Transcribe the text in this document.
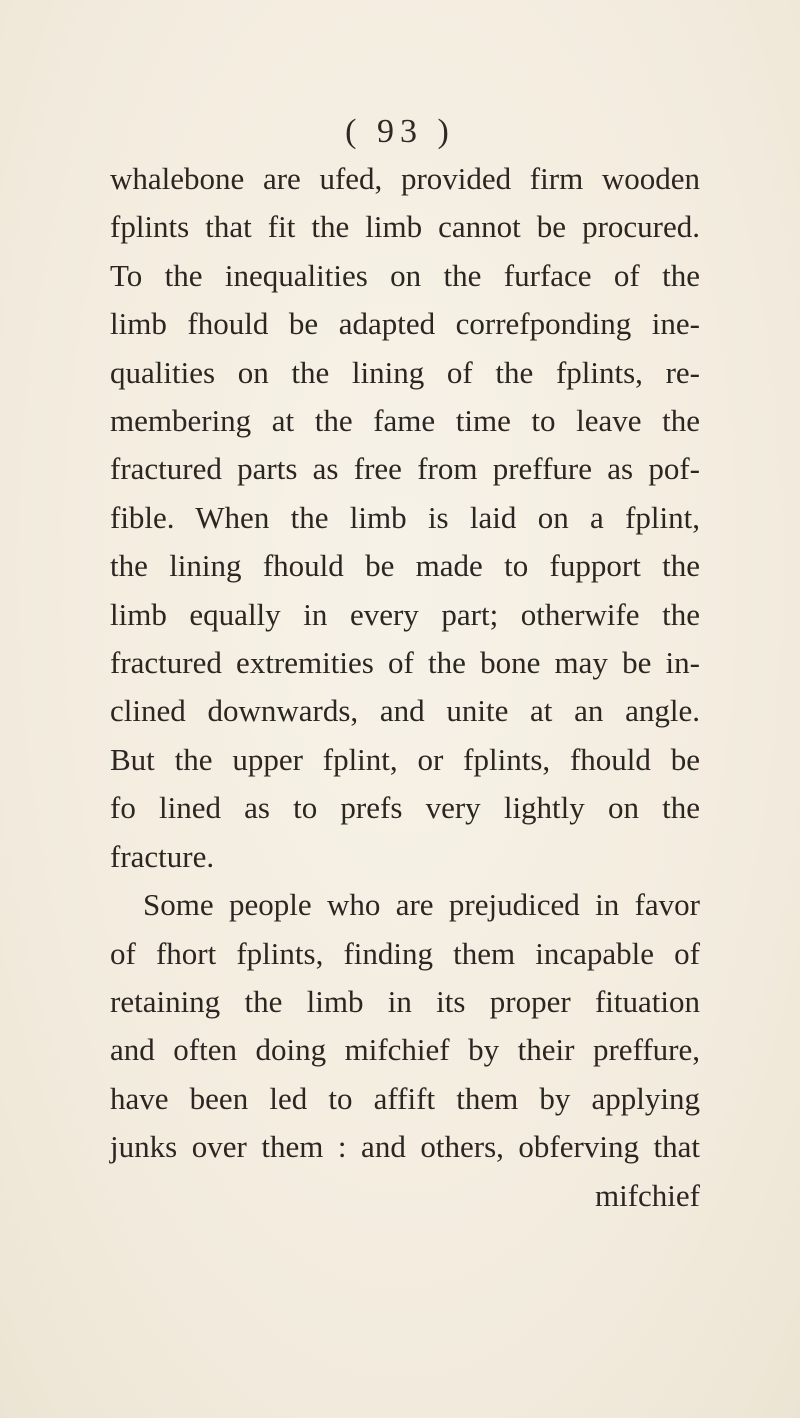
( 93 )
whalebone are ufed, provided firm wooden
fplints that fit the limb cannot be procured.
To the inequalities on the furface of the
limb fhould be adapted correfponding ine-
qualities on the lining of the fplints, re-
membering at the fame time to leave the
fractured parts as free from preffure as pof-
fible. When the limb is laid on a fplint,
the lining fhould be made to fupport the
limb equally in every part; otherwife the
fractured extremities of the bone may be in-
clined downwards, and unite at an angle.
But the upper fplint, or fplints, fhould be
fo lined as to prefs very lightly on the
fracture.
Some people who are prejudiced in favor
of fhort fplints, finding them incapable of
retaining the limb in its proper fituation
and often doing mifchief by their preffure,
have been led to affift them by applying
junks over them : and others, obferving that
mifchief
